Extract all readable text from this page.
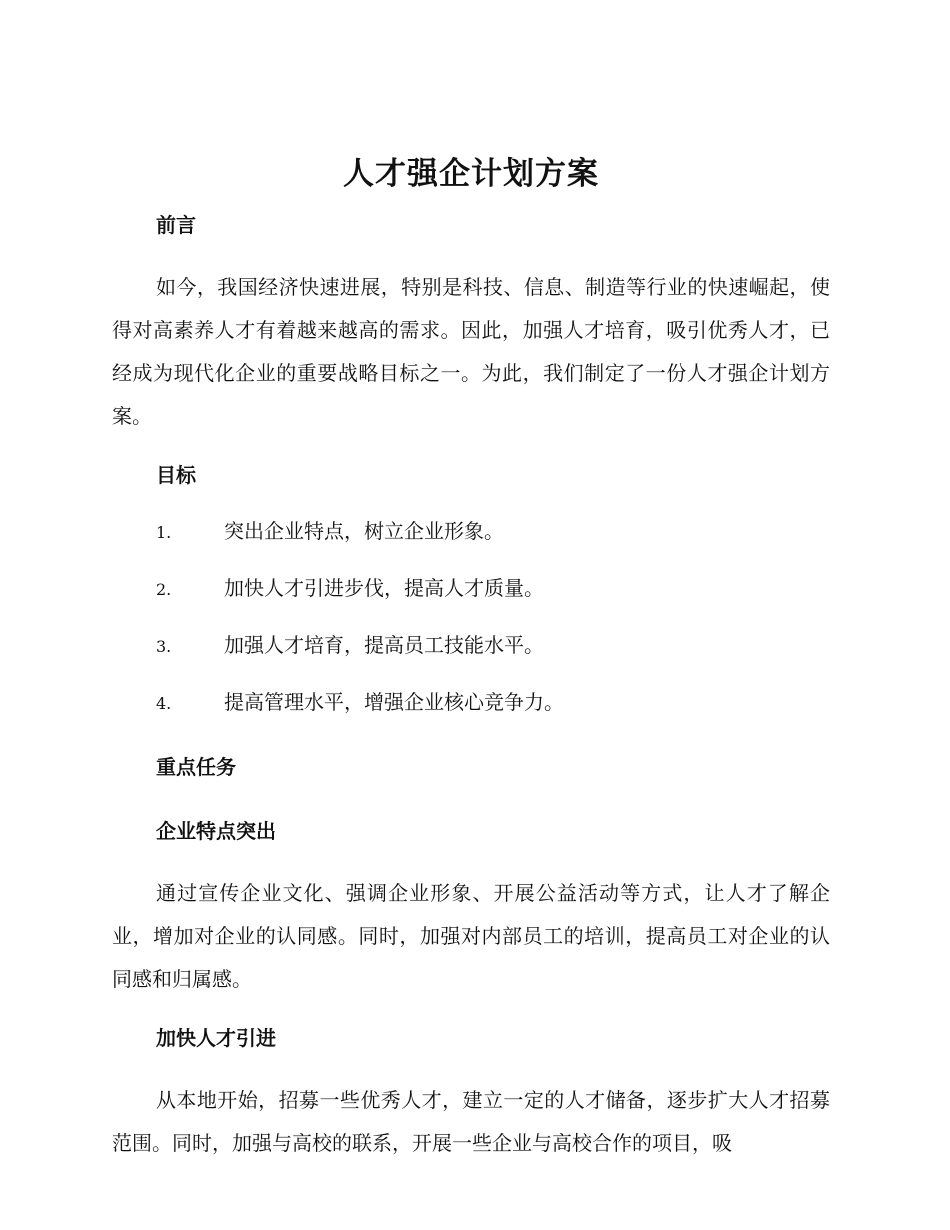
人才强企计划方案
前言

如今，我国经济快速进展，特别是科技、信息、制造等行业的快速崛起，使得对高素养人才有着越来越高的需求。因此，加强人才培育，吸引优秀人才，已经成为现代化企业的重要战略目标之一。为此，我们制定了一份人才强企计划方案。

目标
1.	突出企业特点，树立企业形象。
2.	加快人才引进步伐，提高人才质量。
3.	加强人才培育，提高员工技能水平。
4.	提高管理水平，增强企业核心竞争力。
重点任务
企业特点突出

通过宣传企业文化、强调企业形象、开展公益活动等方式，让人才了解企业，增加对企业的认同感。同时，加强对内部员工的培训，提高员工对企业的认同感和归属感。

加快人才引进

从本地开始，招募一些优秀人才，建立一定的人才储备，逐步扩大人才招募范围。同时，加强与高校的联系，开展一些企业与高校合作的项目，吸
